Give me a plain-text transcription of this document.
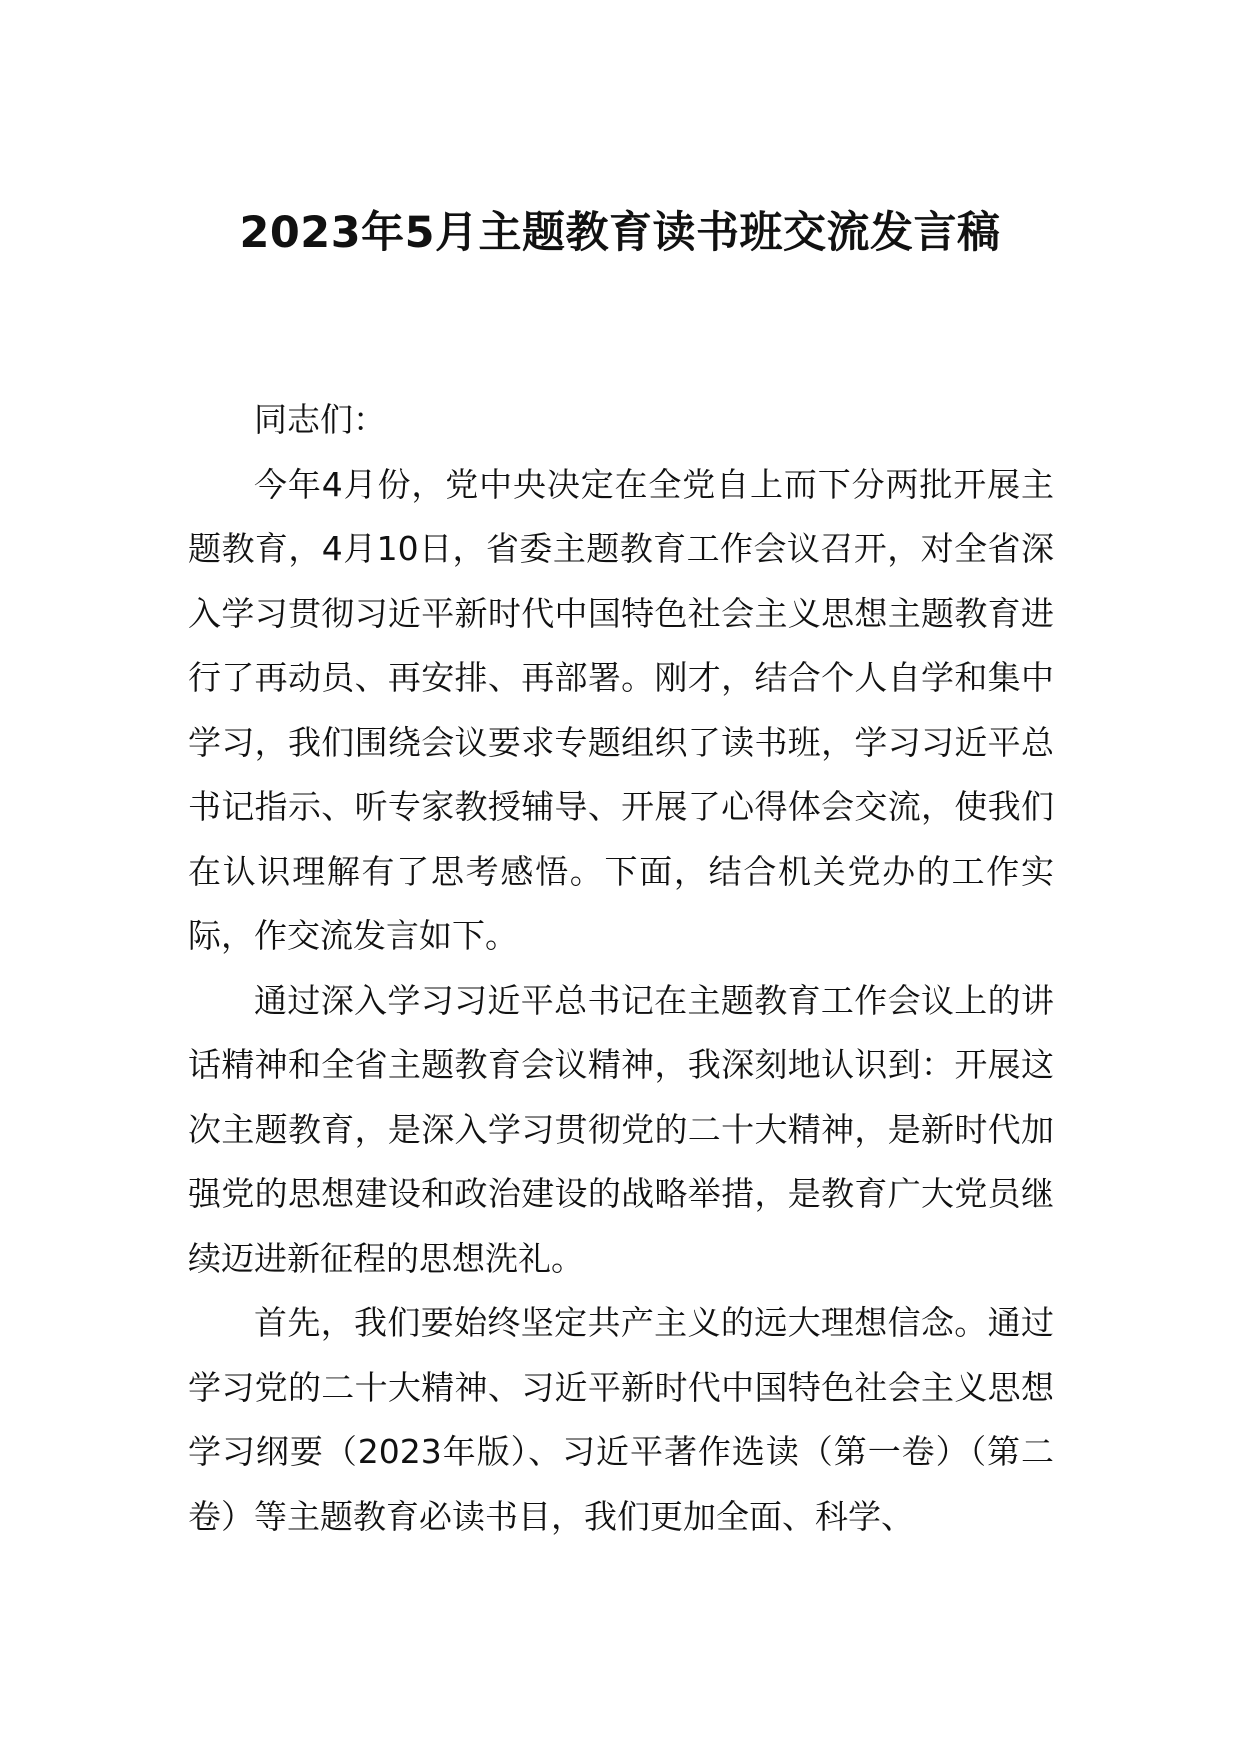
2023年5月主题教育读书班交流发言稿

同志们：

今年4月份，党中央决定在全党自上而下分两批开展主题教育，4月10日，省委主题教育工作会议召开，对全省深入学习贯彻习近平新时代中国特色社会主义思想主题教育进行了再动员、再安排、再部署。刚才，结合个人自学和集中学习，我们围绕会议要求专题组织了读书班，学习习近平总书记指示、听专家教授辅导、开展了心得体会交流，使我们在认识理解有了思考感悟。下面，结合机关党办的工作实际，作交流发言如下。

通过深入学习习近平总书记在主题教育工作会议上的讲话精神和全省主题教育会议精神，我深刻地认识到：开展这次主题教育，是深入学习贯彻党的二十大精神，是新时代加强党的思想建设和政治建设的战略举措，是教育广大党员继续迈进新征程的思想洗礼。

首先，我们要始终坚定共产主义的远大理想信念。通过学习党的二十大精神、习近平新时代中国特色社会主义思想学习纲要（2023年版）、习近平著作选读（第一卷）（第二卷）等主题教育必读书目，我们更加全面、科学、
